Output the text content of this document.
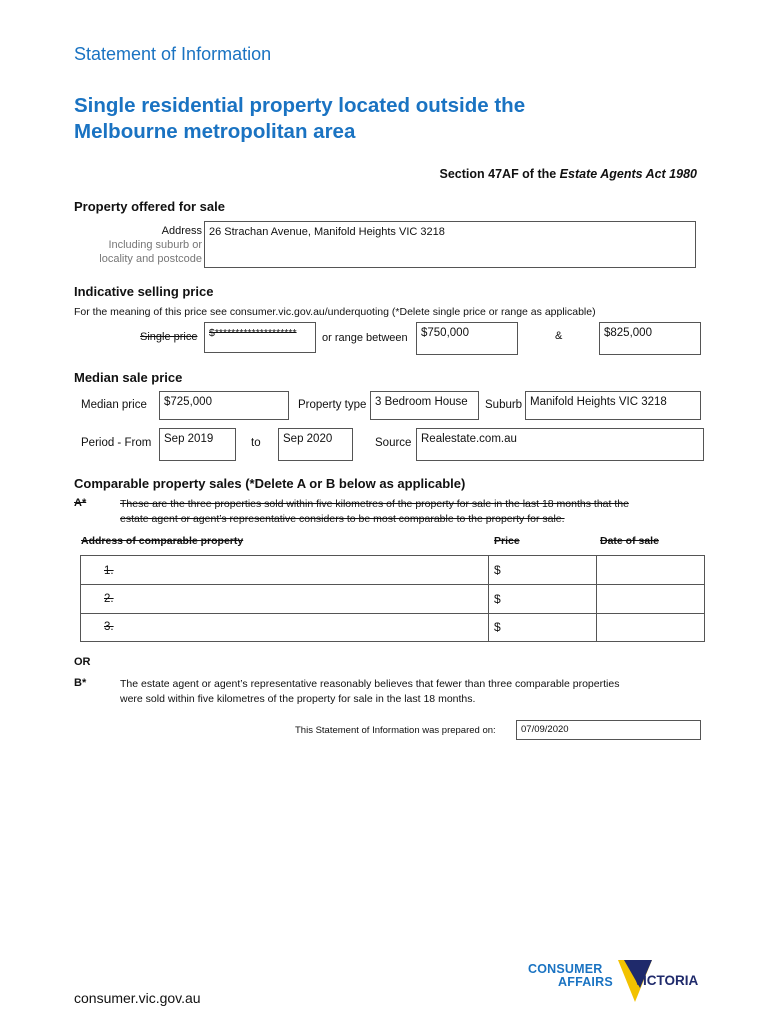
Statement of Information
Single residential property located outside the
Melbourne metropolitan area
Section 47AF of the Estate Agents Act 1980
Property offered for sale
Address
Including suburb or
locality and postcode
26 Strachan Avenue, Manifold Heights VIC 3218
Indicative selling price
For the meaning of this price see consumer.vic.gov.au/underquoting (*Delete single price or range as applicable)
Single price	$********************	or range between	$750,000	&	$825,000
Median sale price
Median price	$725,000	Property type 3 Bedroom House	Suburb Manifold Heights VIC 3218
Period - From	Sep 2019	to	Sep 2020	Source Realestate.com.au
Comparable property sales (*Delete A or B below as applicable)
A*	These are the three properties sold within five kilometres of the property for sale in the last 18 months that the
estate agent or agent’s representative considers to be most comparable to the property for sale.
Address of comparable property	Price	Date of sale
1.	$
2.	$
3.	$
OR
B*	The estate agent or agent’s representative reasonably believes that fewer than three comparable properties
were sold within five kilometres of the property for sale in the last 18 months.
This Statement of Information was prepared on:	07/09/2020
consumer.vic.gov.au
CONSUMER
AFFAIRS VICTORIA
